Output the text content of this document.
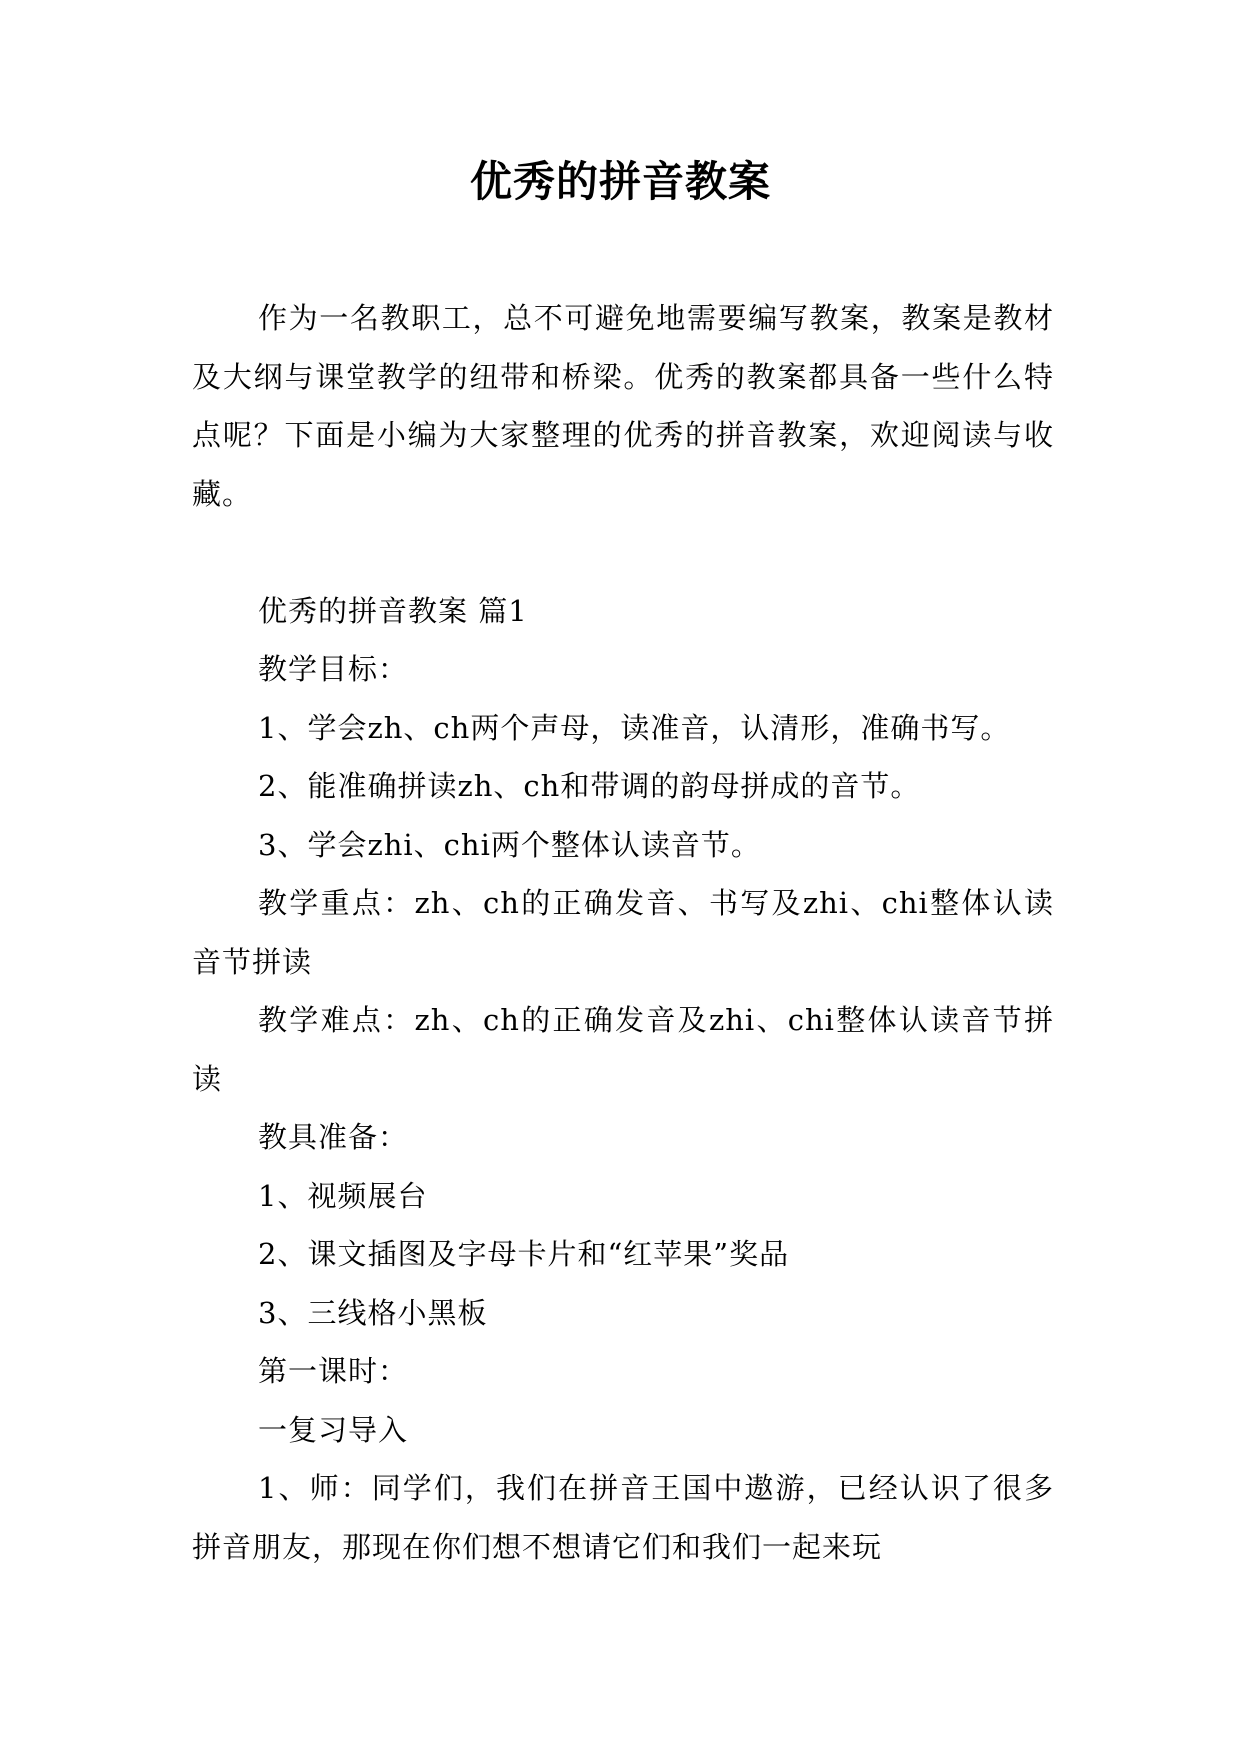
优秀的拼音教案

作为一名教职工，总不可避免地需要编写教案，教案是教材及大纲与课堂教学的纽带和桥梁。优秀的教案都具备一些什么特点呢？下面是小编为大家整理的优秀的拼音教案，欢迎阅读与收藏。

优秀的拼音教案 篇1

教学目标：

1、学会zh、ch两个声母，读准音，认清形，准确书写。

2、能准确拼读zh、ch和带调的韵母拼成的音节。

3、学会zhi、chi两个整体认读音节。

教学重点：zh、ch的正确发音、书写及zhi、chi整体认读音节拼读

教学难点：zh、ch的正确发音及zhi、chi整体认读音节拼读

教具准备：

1、视频展台

2、课文插图及字母卡片和“红苹果”奖品

3、三线格小黑板

第一课时：

一复习导入

1、师：同学们，我们在拼音王国中遨游，已经认识了很多拼音朋友，那现在你们想不想请它们和我们一起来玩
